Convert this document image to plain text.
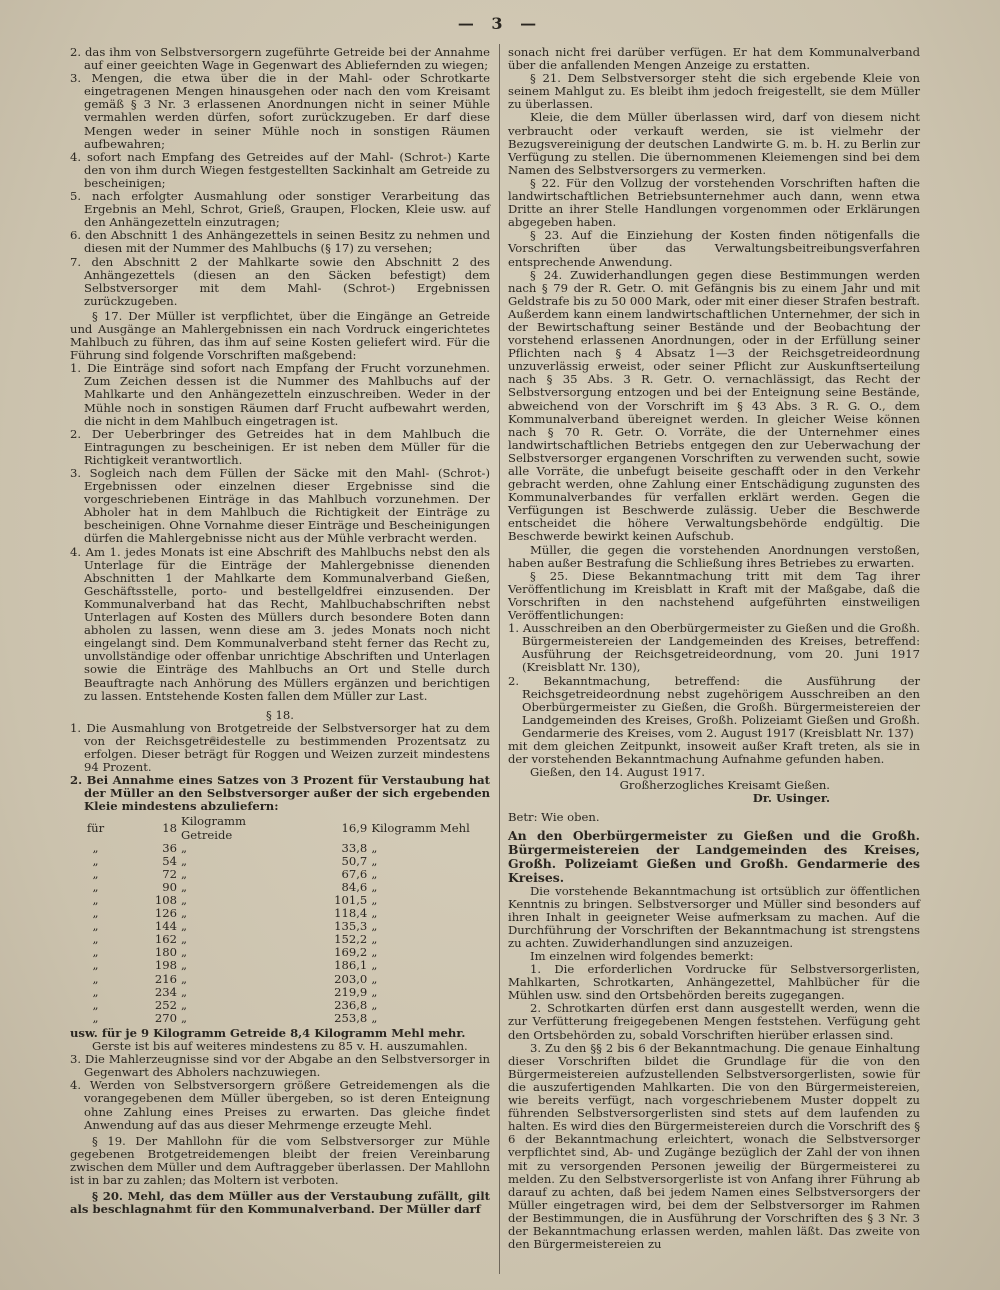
— 3 —

2. das ihm von Selbstversorgern zugeführte Getreide bei der Annahme auf einer geeichten Wage in Gegenwart des Abliefernden zu wiegen;

3. Mengen, die etwa über die in der Mahl- oder Schrotkarte eingetragenen Mengen hinausgehen oder nach den vom Kreisamt gemäß § 3 Nr. 3 erlassenen Anordnungen nicht in seiner Mühle vermahlen werden dürfen, sofort zurückzugeben. Er darf diese Mengen weder in seiner Mühle noch in sonstigen Räumen aufbewahren;

4. sofort nach Empfang des Getreides auf der Mahl- (Schrot-) Karte den von ihm durch Wiegen festgestellten Sackinhalt am Getreide zu bescheinigen;

5. nach erfolgter Ausmahlung oder sonstiger Verarbeitung das Ergebnis an Mehl, Schrot, Grieß, Graupen, Flocken, Kleie usw. auf den Anhängezetteln einzutragen;

6. den Abschnitt 1 des Anhängezettels in seinen Besitz zu nehmen und diesen mit der Nummer des Mahlbuchs (§ 17) zu versehen;

7. den Abschnitt 2 der Mahlkarte sowie den Abschnitt 2 des Anhängezettels (diesen an den Säcken befestigt) dem Selbstversorger mit dem Mahl- (Schrot-) Ergebnissen zurückzugeben.

§ 17. Der Müller ist verpflichtet, über die Eingänge an Getreide und Ausgänge an Mahlergebnissen ein nach Vordruck eingerichtetes Mahlbuch zu führen, das ihm auf seine Kosten geliefert wird. Für die Führung sind folgende Vorschriften maßgebend:

1. Die Einträge sind sofort nach Empfang der Frucht vorzunehmen. Zum Zeichen dessen ist die Nummer des Mahlbuchs auf der Mahlkarte und den Anhängezetteln einzuschreiben. Weder in der Mühle noch in sonstigen Räumen darf Frucht aufbewahrt werden, die nicht in dem Mahlbuch eingetragen ist.

2. Der Ueberbringer des Getreides hat in dem Mahlbuch die Eintragungen zu bescheinigen. Er ist neben dem Müller für die Richtigkeit verantwortlich.

3. Sogleich nach dem Füllen der Säcke mit den Mahl- (Schrot-) Ergebnissen oder einzelnen dieser Ergebnisse sind die vorgeschriebenen Einträge in das Mahlbuch vorzunehmen. Der Abholer hat in dem Mahlbuch die Richtigkeit der Einträge zu bescheinigen. Ohne Vornahme dieser Einträge und Bescheinigungen dürfen die Mahlergebnisse nicht aus der Mühle verbracht werden.

4. Am 1. jedes Monats ist eine Abschrift des Mahlbuchs nebst den als Unterlage für die Einträge der Mahlergebnisse dienenden Abschnitten 1 der Mahlkarte dem Kommunalverband Gießen, Geschäftsstelle, porto- und bestellgeldfrei einzusenden. Der Kommunalverband hat das Recht, Mahlbuchabschriften nebst Unterlagen auf Kosten des Müllers durch besondere Boten dann abholen zu lassen, wenn diese am 3. jedes Monats noch nicht eingelangt sind. Dem Kommunalverband steht ferner das Recht zu, unvollständige oder offenbar unrichtige Abschriften und Unterlagen sowie die Einträge des Mahlbuchs an Ort und Stelle durch Beauftragte nach Anhörung des Müllers ergänzen und berichtigen zu lassen. Entstehende Kosten fallen dem Müller zur Last.

§ 18.

1. Die Ausmahlung von Brotgetreide der Selbstversorger hat zu dem von der Reichsgetreidestelle zu bestimmenden Prozentsatz zu erfolgen. Dieser beträgt für Roggen und Weizen zurzeit mindestens 94 Prozent.

2. Bei Annahme eines Satzes von 3 Prozent für Verstaubung hat der Müller an den Selbstversorger außer der sich ergebenden Kleie mindestens abzuliefern:

für	18	Kilogramm Getreide	16,9	Kilogramm Mehl
„	36	„	33,8	„
„	54	„	50,7	„
„	72	„	67,6	„
„	90	„	84,6	„
„	108	„	101,5	„
„	126	„	118,4	„
„	144	„	135,3	„
„	162	„	152,2	„
„	180	„	169,2	„
„	198	„	186,1	„
„	216	„	203,0	„
„	234	„	219,9	„
„	252	„	236,8	„
„	270	„	253,8	„

usw. für je 9 Kilogramm Getreide 8,4 Kilogramm Mehl mehr.

Gerste ist bis auf weiteres mindestens zu 85 v. H. auszumahlen.

3. Die Mahlerzeugnisse sind vor der Abgabe an den Selbstversorger in Gegenwart des Abholers nachzuwiegen.

4. Werden von Selbstversorgern größere Getreidemengen als die vorangegebenen dem Müller übergeben, so ist deren Enteignung ohne Zahlung eines Preises zu erwarten. Das gleiche findet Anwendung auf das aus dieser Mehrmenge erzeugte Mehl.

§ 19. Der Mahllohn für die vom Selbstversorger zur Mühle gegebenen Brotgetreidemengen bleibt der freien Vereinbarung zwischen dem Müller und dem Auftraggeber überlassen. Der Mahllohn ist in bar zu zahlen; das Moltern ist verboten.

§ 20. Mehl, das dem Müller aus der Verstaubung zufällt, gilt als beschlagnahmt für den Kommunalverband. Der Müller darf

sonach nicht frei darüber verfügen. Er hat dem Kommunalverband über die anfallenden Mengen Anzeige zu erstatten.

§ 21. Dem Selbstversorger steht die sich ergebende Kleie von seinem Mahlgut zu. Es bleibt ihm jedoch freigestellt, sie dem Müller zu überlassen.

Kleie, die dem Müller überlassen wird, darf von diesem nicht verbraucht oder verkauft werden, sie ist vielmehr der Bezugsvereinigung der deutschen Landwirte G. m. b. H. zu Berlin zur Verfügung zu stellen. Die übernommenen Kleiemengen sind bei dem Namen des Selbstversorgers zu vermerken.

§ 22. Für den Vollzug der vorstehenden Vorschriften haften die landwirtschaftlichen Betriebsunternehmer auch dann, wenn etwa Dritte an ihrer Stelle Handlungen vorgenommen oder Erklärungen abgegeben haben.

§ 23. Auf die Einziehung der Kosten finden nötigenfalls die Vorschriften über das Verwaltungsbeitreibungsverfahren entsprechende Anwendung.

§ 24. Zuwiderhandlungen gegen diese Bestimmungen werden nach § 79 der R. Getr. O. mit Gefängnis bis zu einem Jahr und mit Geldstrafe bis zu 50 000 Mark, oder mit einer dieser Strafen bestraft. Außerdem kann einem landwirtschaftlichen Unternehmer, der sich in der Bewirtschaftung seiner Bestände und der Beobachtung der vorstehend erlassenen Anordnungen, oder in der Erfüllung seiner Pflichten nach § 4 Absatz 1—3 der Reichsgetreideordnung unzuverlässig erweist, oder seiner Pflicht zur Auskunftserteilung nach § 35 Abs. 3 R. Getr. O. vernachlässigt, das Recht der Selbstversorgung entzogen und bei der Enteignung seine Bestände, abweichend von der Vorschrift im § 43 Abs. 3 R. G. O., dem Kommunalverband übereignet werden. In gleicher Weise können nach § 70 R. Getr. O. Vorräte, die der Unternehmer eines landwirtschaftlichen Betriebs entgegen den zur Ueberwachung der Selbstversorger ergangenen Vorschriften zu verwenden sucht, sowie alle Vorräte, die unbefugt beiseite geschafft oder in den Verkehr gebracht werden, ohne Zahlung einer Entschädigung zugunsten des Kommunalverbandes für verfallen erklärt werden. Gegen die Verfügungen ist Beschwerde zulässig. Ueber die Beschwerde entscheidet die höhere Verwaltungsbehörde endgültig. Die Beschwerde bewirkt keinen Aufschub.

Müller, die gegen die vorstehenden Anordnungen verstoßen, haben außer Bestrafung die Schließung ihres Betriebes zu erwarten.

§ 25. Diese Bekanntmachung tritt mit dem Tag ihrer Veröffentlichung im Kreisblatt in Kraft mit der Maßgabe, daß die Vorschriften in den nachstehend aufgeführten einstweiligen Veröffentlichungen:

1. Ausschreiben an den Oberbürgermeister zu Gießen und die Großh. Bürgermeistereien der Landgemeinden des Kreises, betreffend: Ausführung der Reichsgetreideordnung, vom 20. Juni 1917 (Kreisblatt Nr. 130),

2. Bekanntmachung, betreffend: die Ausführung der Reichsgetreideordnung nebst zugehörigem Ausschreiben an den Oberbürgermeister zu Gießen, die Großh. Bürgermeistereien der Landgemeinden des Kreises, Großh. Polizeiamt Gießen und Großh. Gendarmerie des Kreises, vom 2. August 1917 (Kreisblatt Nr. 137)

mit dem gleichen Zeitpunkt, insoweit außer Kraft treten, als sie in der vorstehenden Bekanntmachung Aufnahme gefunden haben.

Gießen, den 14. August 1917.

Großherzogliches Kreisamt Gießen.

Dr. Usinger.

Betr: Wie oben.

An den Oberbürgermeister zu Gießen und die Großh. Bürgermeistereien der Landgemeinden des Kreises, Großh. Polizeiamt Gießen und Großh. Gendarmerie des Kreises.

Die vorstehende Bekanntmachung ist ortsüblich zur öffentlichen Kenntnis zu bringen. Selbstversorger und Müller sind besonders auf ihren Inhalt in geeigneter Weise aufmerksam zu machen. Auf die Durchführung der Vorschriften der Bekanntmachung ist strengstens zu achten. Zuwiderhandlungen sind anzuzeigen.

Im einzelnen wird folgendes bemerkt:

1. Die erforderlichen Vordrucke für Selbstversorgerlisten, Mahlkarten, Schrotkarten, Anhängezettel, Mahlbücher für die Mühlen usw. sind den Ortsbehörden bereits zugegangen.

2. Schrotkarten dürfen erst dann ausgestellt werden, wenn die zur Verfütterung freigegebenen Mengen feststehen. Verfügung geht den Ortsbehörden zu, sobald Vorschriften hierüber erlassen sind.

3. Zu den §§ 2 bis 6 der Bekanntmachung. Die genaue Einhaltung dieser Vorschriften bildet die Grundlage für die von den Bürgermeistereien aufzustellenden Selbstversorgerlisten, sowie für die auszufertigenden Mahlkarten. Die von den Bürgermeistereien, wie bereits verfügt, nach vorgeschriebenem Muster doppelt zu führenden Selbstversorgerlisten sind stets auf dem laufenden zu halten. Es wird dies den Bürgermeistereien durch die Vorschrift des § 6 der Bekanntmachung erleichtert, wonach die Selbstversorger verpflichtet sind, Ab- und Zugänge bezüglich der Zahl der von ihnen mit zu versorgenden Personen jeweilig der Bürgermeisterei zu melden. Zu den Selbstversorgerliste ist von Anfang ihrer Führung ab darauf zu achten, daß bei jedem Namen eines Selbstversorgers der Müller eingetragen wird, bei dem der Selbstversorger im Rahmen der Bestimmungen, die in Ausführung der Vorschriften des § 3 Nr. 3 der Bekanntmachung erlassen werden, mahlen läßt. Das zweite von den Bürgermeistereien zu
